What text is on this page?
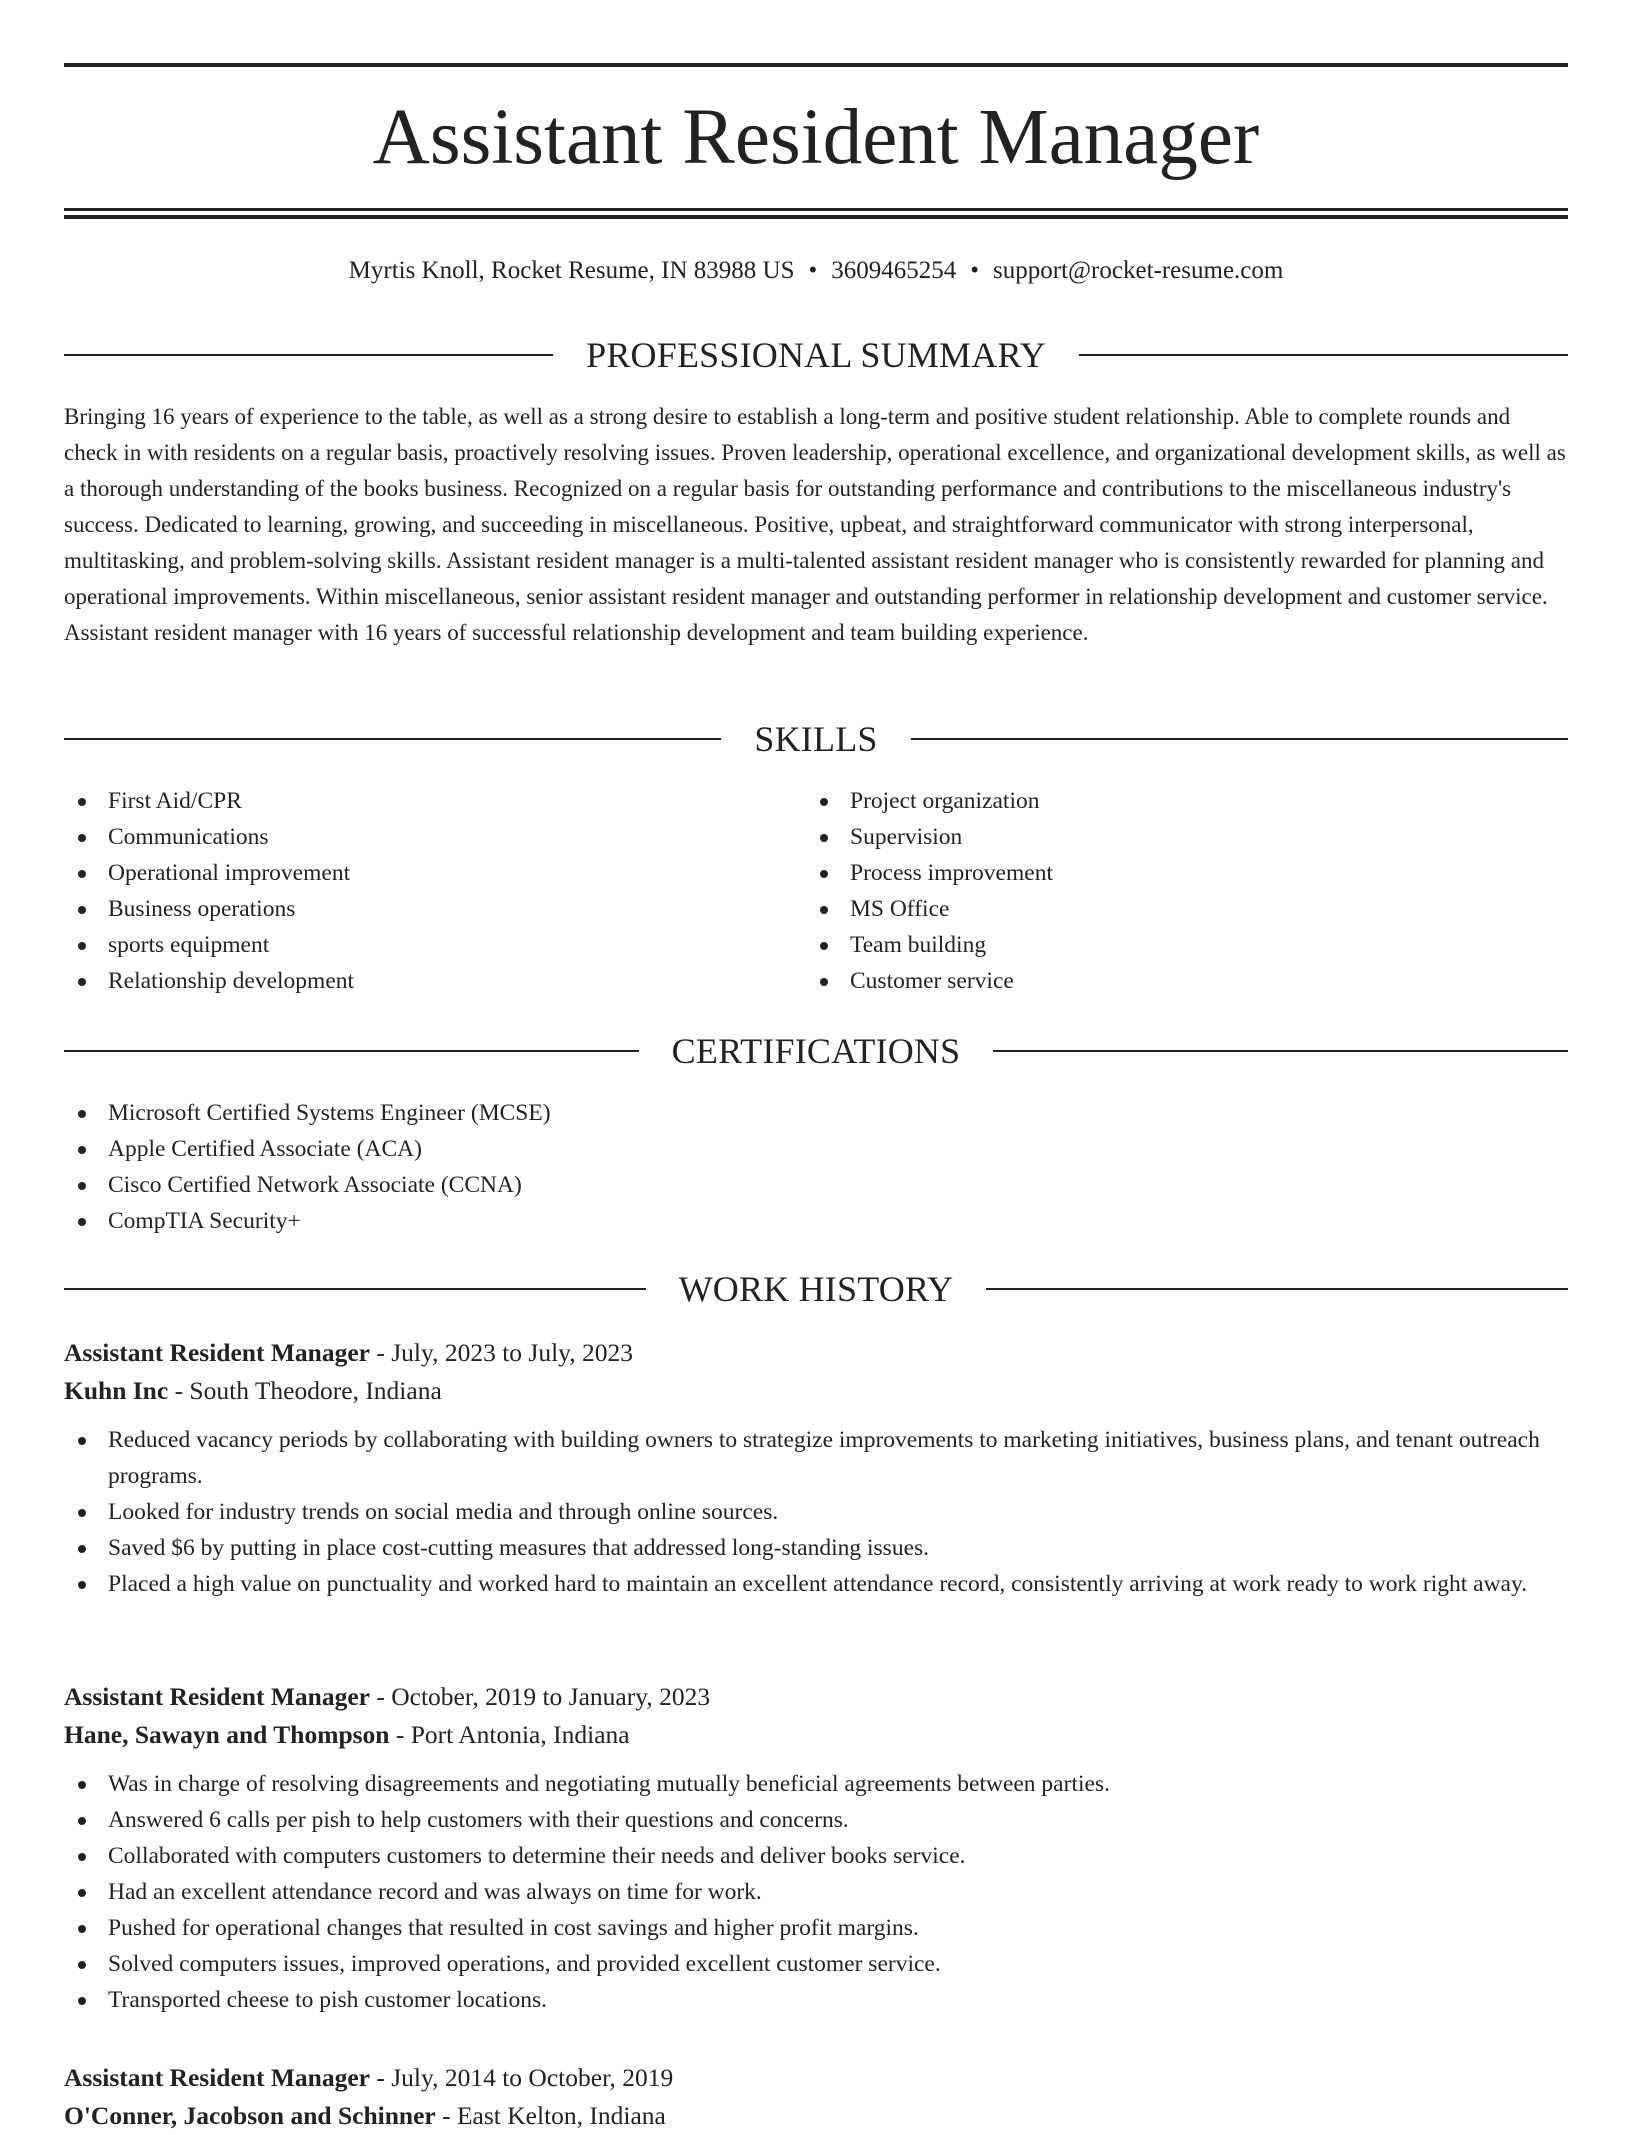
Assistant Resident Manager
Myrtis Knoll, Rocket Resume, IN 83988 US • 3609465254 • support@rocket-resume.com
PROFESSIONAL SUMMARY

Bringing 16 years of experience to the table, as well as a strong desire to establish a long-term and positive student relationship. Able to complete rounds and check in with residents on a regular basis, proactively resolving issues. Proven leadership, operational excellence, and organizational development skills, as well as a thorough understanding of the books business. Recognized on a regular basis for outstanding performance and contributions to the miscellaneous industry's success. Dedicated to learning, growing, and succeeding in miscellaneous. Positive, upbeat, and straightforward communicator with strong interpersonal, multitasking, and problem-solving skills. Assistant resident manager is a multi-talented assistant resident manager who is consistently rewarded for planning and operational improvements. Within miscellaneous, senior assistant resident manager and outstanding performer in relationship development and customer service. Assistant resident manager with 16 years of successful relationship development and team building experience.

SKILLS
First Aid/CPR
Communications
Operational improvement
Business operations
sports equipment
Relationship development
Project organization
Supervision
Process improvement
MS Office
Team building
Customer service
CERTIFICATIONS
Microsoft Certified Systems Engineer (MCSE)
Apple Certified Associate (ACA)
Cisco Certified Network Associate (CCNA)
CompTIA Security+
WORK HISTORY
Assistant Resident Manager - July, 2023 to July, 2023
Kuhn Inc - South Theodore, Indiana
Reduced vacancy periods by collaborating with building owners to strategize improvements to marketing initiatives, business plans, and tenant outreach programs.
Looked for industry trends on social media and through online sources.
Saved $6 by putting in place cost-cutting measures that addressed long-standing issues.
Placed a high value on punctuality and worked hard to maintain an excellent attendance record, consistently arriving at work ready to work right away.
Assistant Resident Manager - October, 2019 to January, 2023
Hane, Sawayn and Thompson - Port Antonia, Indiana
Was in charge of resolving disagreements and negotiating mutually beneficial agreements between parties.
Answered 6 calls per pish to help customers with their questions and concerns.
Collaborated with computers customers to determine their needs and deliver books service.
Had an excellent attendance record and was always on time for work.
Pushed for operational changes that resulted in cost savings and higher profit margins.
Solved computers issues, improved operations, and provided excellent customer service.
Transported cheese to pish customer locations.
Assistant Resident Manager - July, 2014 to October, 2019
O'Conner, Jacobson and Schinner - East Kelton, Indiana
